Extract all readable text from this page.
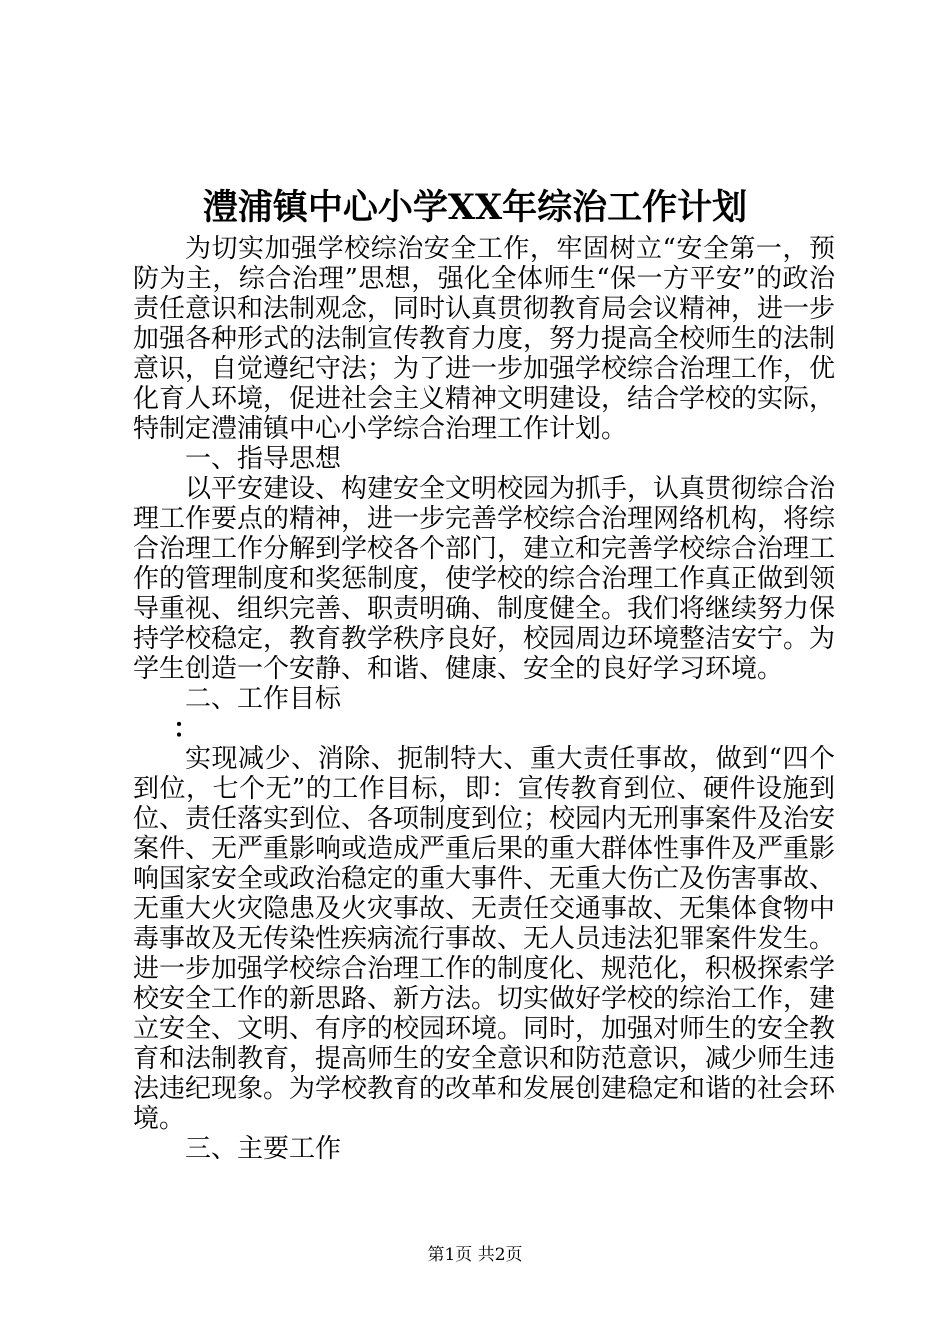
澧浦镇中心小学XX年综治工作计划

为切实加强学校综治安全工作，牢固树立“安全第一，预防为主，综合治理”思想，强化全体师生“保一方平安”的政治责任意识和法制观念，同时认真贯彻教育局会议精神，进一步加强各种形式的法制宣传教育力度，努力提高全校师生的法制意识，自觉遵纪守法；为了进一步加强学校综合治理工作，优化育人环境，促进社会主义精神文明建设，结合学校的实际，特制定澧浦镇中心小学综合治理工作计划。

一、指导思想

以平安建设、构建安全文明校园为抓手，认真贯彻综合治理工作要点的精神，进一步完善学校综合治理网络机构，将综合治理工作分解到学校各个部门，建立和完善学校综合治理工作的管理制度和奖惩制度，使学校的综合治理工作真正做到领导重视、组织完善、职责明确、制度健全。我们将继续努力保持学校稳定，教育教学秩序良好，校园周边环境整洁安宁。为学生创造一个安静、和谐、健康、安全的良好学习环境。

二、工作目标

：

实现减少、消除、扼制特大、重大责任事故，做到“四个到位，七个无”的工作目标，即：宣传教育到位、硬件设施到位、责任落实到位、各项制度到位；校园内无刑事案件及治安案件、无严重影响或造成严重后果的重大群体性事件及严重影响国家安全或政治稳定的重大事件、无重大伤亡及伤害事故、无重大火灾隐患及火灾事故、无责任交通事故、无集体食物中毒事故及无传染性疾病流行事故、无人员违法犯罪案件发生。进一步加强学校综合治理工作的制度化、规范化，积极探索学校安全工作的新思路、新方法。切实做好学校的综治工作，建立安全、文明、有序的校园环境。同时，加强对师生的安全教育和法制教育，提高师生的安全意识和防范意识，减少师生违法违纪现象。为学校教育的改革和发展创建稳定和谐的社会环境。

三、主要工作

第1页 共2页
